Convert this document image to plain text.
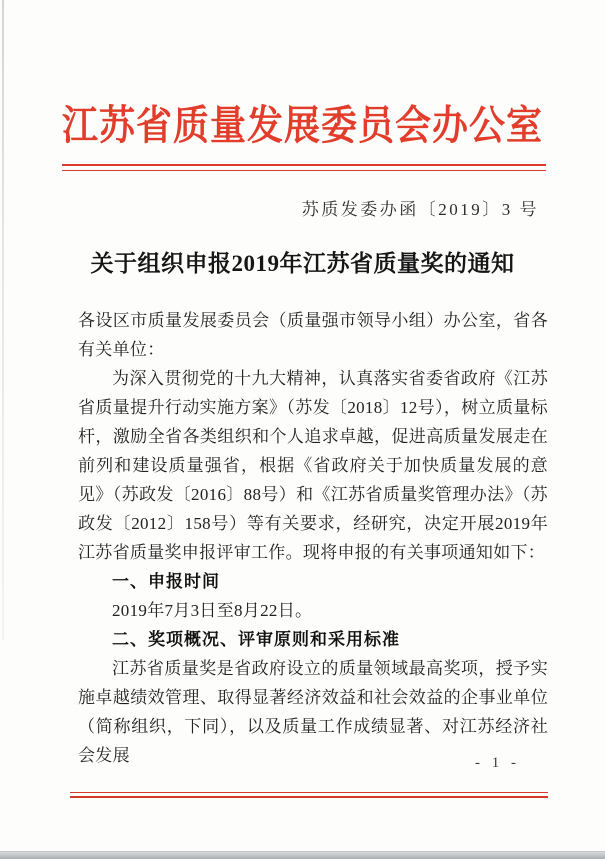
江苏省质量发展委员会办公室
苏质发委办函〔2019〕3 号
关于组织申报2019年江苏省质量奖的通知

各设区市质量发展委员会（质量强市领导小组）办公室，省各有关单位：

为深入贯彻党的十九大精神，认真落实省委省政府《江苏省质量提升行动实施方案》（苏发〔2018〕12号），树立质量标杆，激励全省各类组织和个人追求卓越，促进高质量发展走在前列和建设质量强省，根据《省政府关于加快质量发展的意见》（苏政发〔2016〕88号）和《江苏省质量奖管理办法》（苏政发〔2012〕158号）等有关要求，经研究，决定开展2019年江苏省质量奖申报评审工作。现将申报的有关事项通知如下：

一、申报时间

2019年7月3日至8月22日。

二、奖项概况、评审原则和采用标准

江苏省质量奖是省政府设立的质量领域最高奖项，授予实施卓越绩效管理、取得显著经济效益和社会效益的企事业单位（简称组织，下同），以及质量工作成绩显著、对江苏经济社会发展	- 1 -
